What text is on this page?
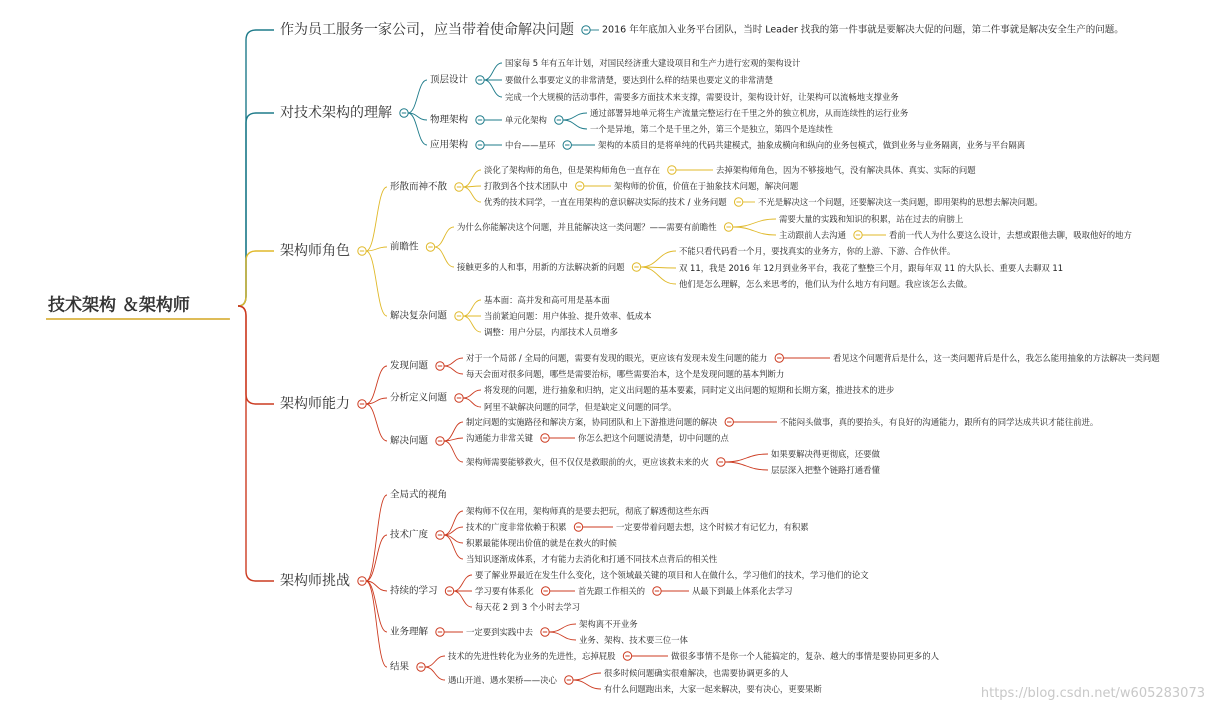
技术架构 ＆架构师
作为员工服务一家公司，应当带着使命解决问题	2016 年年底加入业务平台团队，当时 Leader 找我的第一件事就是要解决大促的问题，第二件事就是解决安全生产的问题。
对技术架构的理解
顶层设计
国家每 5 年有五年计划，对国民经济重大建设项目和生产力进行宏观的架构设计
要做什么事要定义的非常清楚，要达到什么样的结果也要定义的非常清楚
完成一个大规模的活动事件，需要多方面技术来支撑，需要设计，架构设计好，让架构可以流畅地支撑业务
物理架构	单元化架构
通过部署异地单元将生产流量完整运行在千里之外的独立机房，从而连续性的运行业务
一个是异地，第二个是千里之外，第三个是独立，第四个是连续性
应用架构	中台——星环	架构的本质目的是将单纯的代码共建模式，抽象成横向和纵向的业务包模式，做到业务与业务隔离，业务与平台隔离
架构师角色
形散而神不散
淡化了架构师的角色，但是架构师角色一直存在	去掉架构师角色，因为不够接地气，没有解决具体、真实、实际的问题
打散到各个技术团队中	架构师的价值，价值在于抽象技术问题，解决问题
优秀的技术同学，一直在用架构的意识解决实际的技术 / 业务问题	不光是解决这一个问题，还要解决这一类问题，即用架构的思想去解决问题。
前瞻性
为什么你能解决这个问题，并且能解决这一类问题？——需要有前瞻性
需要大量的实践和知识的积累，站在过去的肩膀上
主动跟前人去沟通	看前一代人为什么要这么设计，去想或跟他去聊，吸取他好的地方
接触更多的人和事，用新的方法解决新的问题
不能只看代码看一个月，要找真实的业务方，你的上游、下游、合作伙伴。
双 11，我是 2016 年 12月到业务平台，我花了整整三个月，跟每年双 11 的大队长、重要人去聊双 11
他们是怎么理解，怎么来思考的，他们认为什么地方有问题。我应该怎么去做。
解决复杂问题
基本面：高并发和高可用是基本面
当前紧迫问题：用户体验、提升效率、低成本
调整：用户分层，内部技术人员增多
架构师能力
发现问题
对于一个局部 / 全局的问题，需要有发现的眼光，更应该有发现未发生问题的能力	看见这个问题背后是什么，这一类问题背后是什么，我怎么能用抽象的方法解决一类问题
每天会面对很多问题，哪些是需要治标，哪些需要治本，这个是发现问题的基本判断力
分析定义问题
将发现的问题，进行抽象和归纳，定义出问题的基本要素，同时定义出问题的短期和长期方案，推进技术的进步
阿里不缺解决问题的同学，但是缺定义问题的同学。
解决问题
制定问题的实施路径和解决方案，协同团队和上下游推进问题的解决	不能闷头做事，真的要抬头，有良好的沟通能力，跟所有的同学达成共识才能往前进。
沟通能力非常关键	你怎么把这个问题说清楚，切中问题的点
架构师需要能够救火，但不仅仅是救眼前的火，更应该救未来的火
如果要解决得更彻底，还要做
层层深入把整个链路打通看懂
架构师挑战
全局式的视角
技术广度
架构师不仅在用，架构师真的是要去把玩，彻底了解透彻这些东西
技术的广度非常依赖于积累	一定要带着问题去想，这个时候才有记忆力，有积累
积累最能体现出价值的就是在救火的时候
当知识逐渐成体系，才有能力去消化和打通不同技术点背后的相关性
持续的学习
要了解业界最近在发生什么变化，这个领域最关键的项目和人在做什么，学习他们的技术，学习他们的论文
学习要有体系化	首先跟工作相关的	从最下到最上体系化去学习
每天花 2 到 3 个小时去学习
业务理解	一定要到实践中去
架构离不开业务
业务、架构、技术要三位一体
结果
技术的先进性转化为业务的先进性，忘掉屁股	做很多事情不是你一个人能搞定的，复杂、越大的事情是要协同更多的人
遇山开道、遇水架桥——决心
很多时候问题确实很难解决，也需要协调更多的人
有什么问题跑出来，大家一起来解决，要有决心，更要果断	https://blog.csdn.net/w605283073
